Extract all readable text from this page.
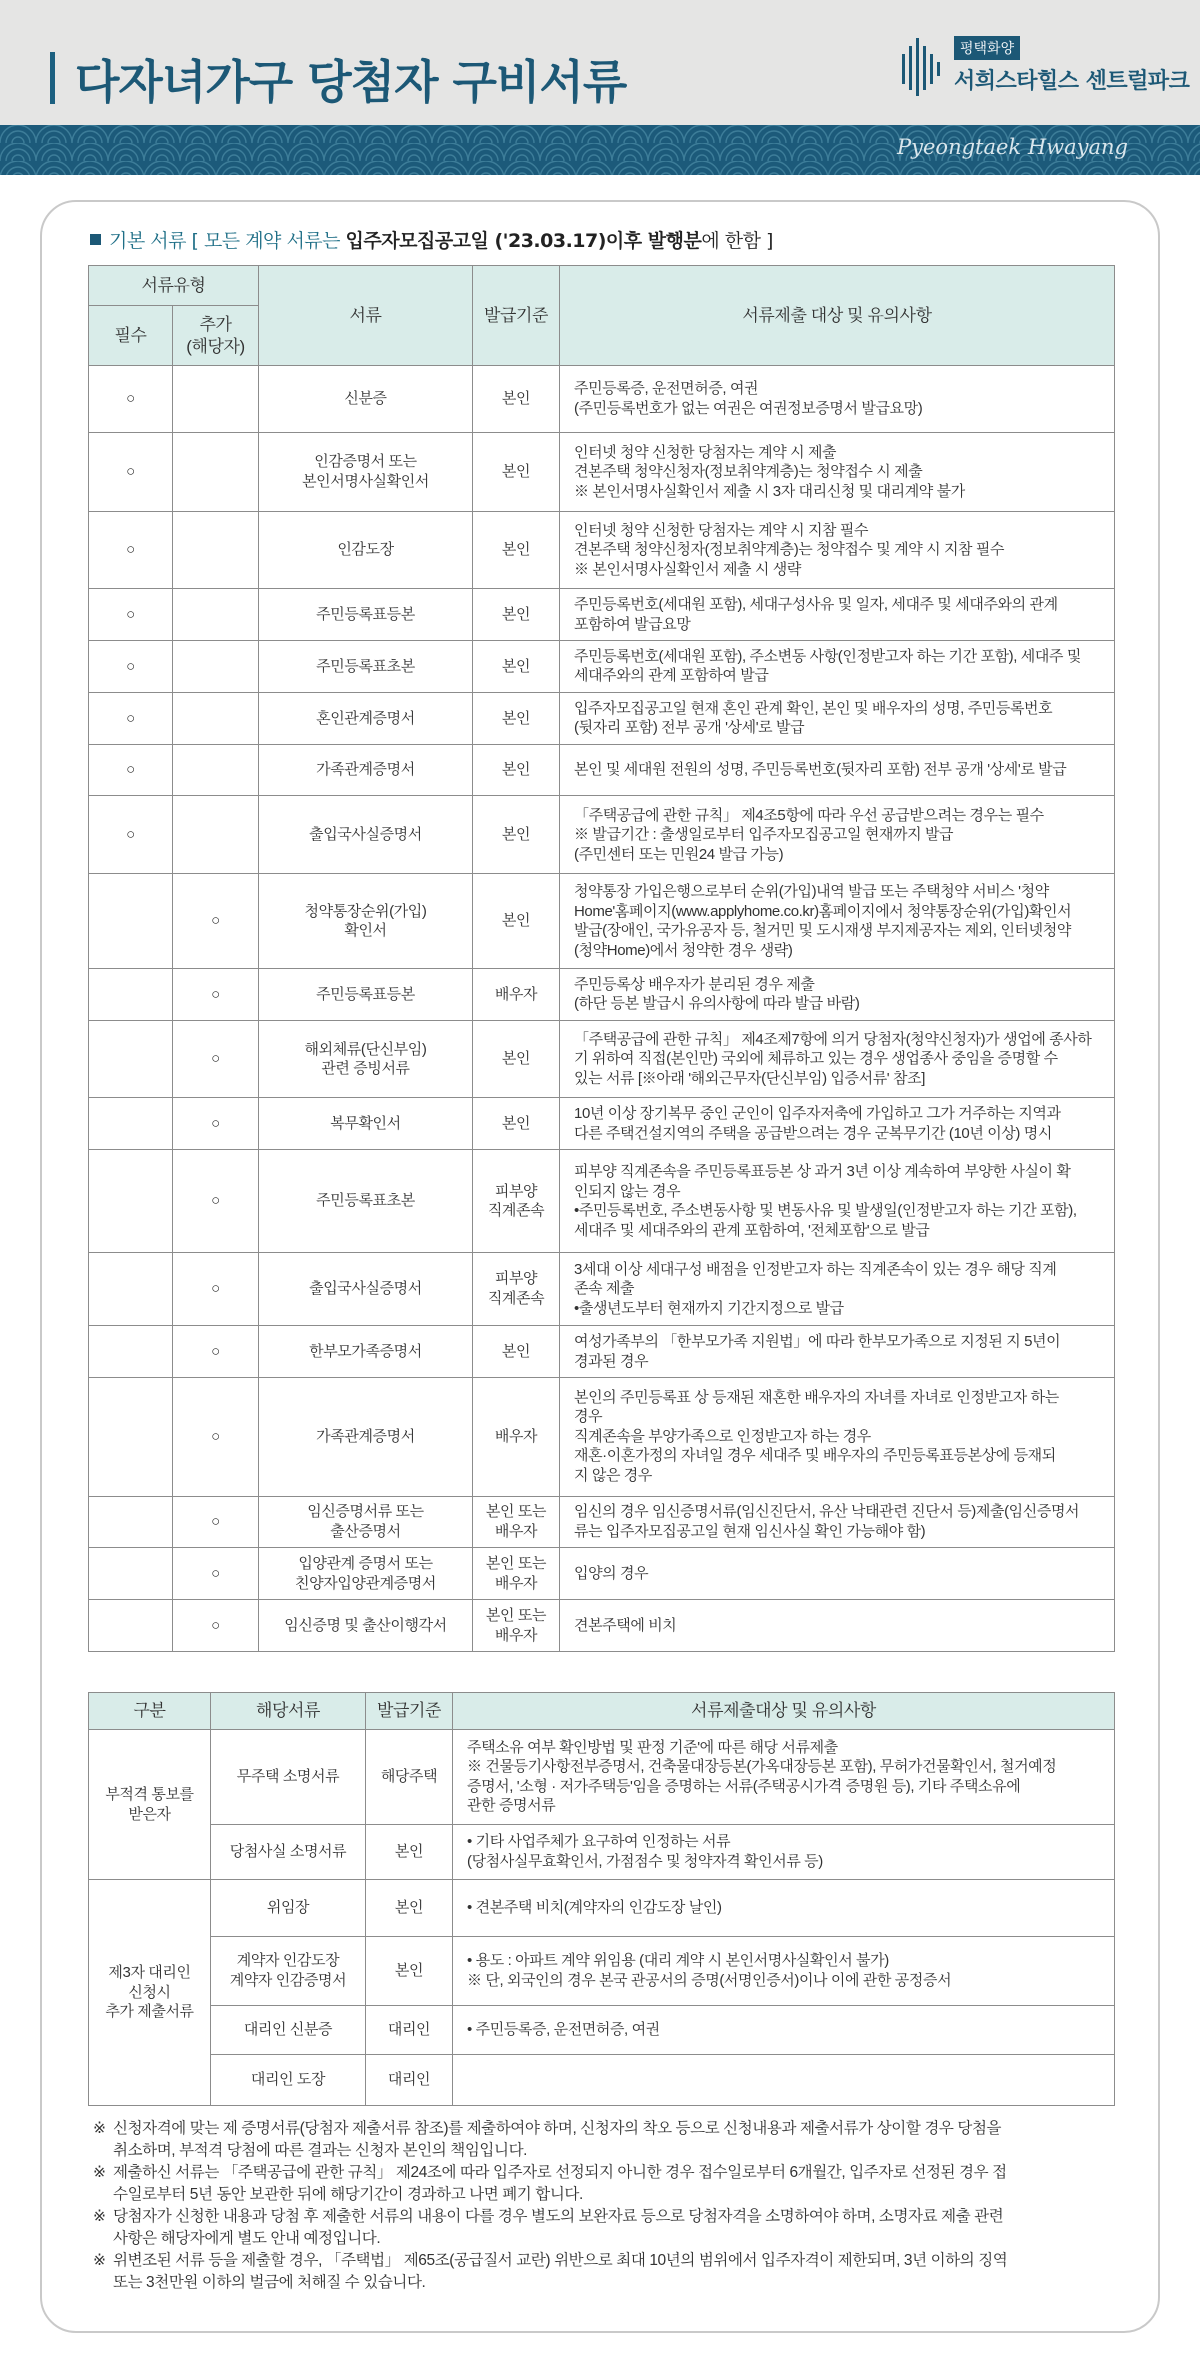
다자녀가구 당첨자 구비서류
평택화양
서희스타힐스 센트럴파크
Pyeongtaek Hwayang
기본 서류 [ 모든 계약 서류는 입주자모집공고일 ('23.03.17)이후 발행분에 한함 ]
서류유형		서류	발급기준	서류제출 대상 및 유의사항
필수	추가
(해당자)			

○		신분증	본인	주민등록증, 운전면허증, 여권
(주민등록번호가 없는 여권은 여권정보증명서 발급요망)

○		인감증명서 또는
본인서명사실확인서	본인	인터넷 청약 신청한 당첨자는 계약 시 제출
견본주택 청약신청자(정보취약계층)는 청약접수 시 제출
※ 본인서명사실확인서 제출 시 3자 대리신청 및 대리계약 불가

○		인감도장	본인	인터넷 청약 신청한 당첨자는 계약 시 지참 필수
견본주택 청약신청자(정보취약계층)는 청약접수 및 계약 시 지참 필수
※ 본인서명사실확인서 제출 시 생략

○		주민등록표등본	본인	주민등록번호(세대원 포함), 세대구성사유 및 일자, 세대주 및 세대주와의 관계
포함하여 발급요망

○		주민등록표초본	본인	주민등록번호(세대원 포함), 주소변동 사항(인정받고자 하는 기간 포함), 세대주 및
세대주와의 관계 포함하여 발급

○		혼인관계증명서	본인	입주자모집공고일 현재 혼인 관계 확인, 본인 및 배우자의 성명, 주민등록번호
(뒷자리 포함) 전부 공개 '상세'로 발급

○		가족관계증명서	본인	본인 및 세대원 전원의 성명, 주민등록번호(뒷자리 포함) 전부 공개 '상세'로 발급

○		출입국사실증명서	본인	「주택공급에 관한 규칙」 제4조5항에 따라 우선 공급받으려는 경우는 필수
※ 발급기간 : 출생일로부터 입주자모집공고일 현재까지 발급
(주민센터 또는 민원24 발급 가능)

	○	청약통장순위(가입)
확인서	본인	청약통장 가입은행으로부터 순위(가입)내역 발급 또는 주택청약 서비스 '청약
Home'홈페이지(www.applyhome.co.kr)홈페이지에서 청약통장순위(가입)확인서
발급(장애인, 국가유공자 등, 철거민 및 도시재생 부지제공자는 제외, 인터넷청약
(청약Home)에서 청약한 경우 생략)

	○	주민등록표등본	배우자	주민등록상 배우자가 분리된 경우 제출
(하단 등본 발급시 유의사항에 따라 발급 바람)

	○	해외체류(단신부임)
관련 증빙서류	본인	「주택공급에 관한 규칙」 제4조제7항에 의거 당첨자(청약신청자)가 생업에 종사하
기 위하여 직접(본인만) 국외에 체류하고 있는 경우 생업종사 중임을 증명할 수
있는 서류 [※아래 '해외근무자(단신부임) 입증서류' 참조]

	○	복무확인서	본인	10년 이상 장기복무 중인 군인이 입주자저축에 가입하고 그가 거주하는 지역과
다른 주택건설지역의 주택을 공급받으려는 경우 군복무기간 (10년 이상) 명시

	○	주민등록표초본	피부양
직계존속	피부양 직계존속을 주민등록표등본 상 과거 3년 이상 계속하여 부양한 사실이 확
인되지 않는 경우
•주민등록번호, 주소변동사항 및 변동사유 및 발생일(인정받고자 하는 기간 포함),
세대주 및 세대주와의 관계 포함하여, '전체포함'으로 발급

	○	출입국사실증명서	피부양
직계존속	3세대 이상 세대구성 배점을 인정받고자 하는 직계존속이 있는 경우 해당 직계
존속 제출
•출생년도부터 현재까지 기간지정으로 발급

	○	한부모가족증명서	본인	여성가족부의 「한부모가족 지원법」에 따라 한부모가족으로 지정된 지 5년이
경과된 경우

	○	가족관계증명서	배우자	본인의 주민등록표 상 등재된 재혼한 배우자의 자녀를 자녀로 인정받고자 하는
경우
직계존속을 부양가족으로 인정받고자 하는 경우
재혼·이혼가정의 자녀일 경우 세대주 및 배우자의 주민등록표등본상에 등재되
지 않은 경우

	○	임신증명서류 또는
출산증명서	본인 또는
배우자	임신의 경우 임신증명서류(임신진단서, 유산 낙태관련 진단서 등)제출(임신증명서
류는 입주자모집공고일 현재 임신사실 확인 가능해야 함)

	○	입양관계 증명서 또는
친양자입양관계증명서	본인 또는
배우자	입양의 경우

	○	임신증명 및 출산이행각서	본인 또는
배우자	견본주택에 비치
구분	해당서류	발급기준	서류제출대상 및 유의사항

부적격 통보를
받은자	무주택 소명서류	해당주택	주택소유 여부 확인방법 및 판정 기준'에 따른 해당 서류제출
※ 건물등기사항전부증명서, 건축물대장등본(가옥대장등본 포함), 무허가건물확인서, 철거예정
증명서, '소형 · 저가주택등'임을 증명하는 서류(주택공시가격 증명원 등), 기타 주택소유에
관한 증명서류

	당첨사실 소명서류	본인	• 기타 사업주체가 요구하여 인정하는 서류
(당첨사실무효확인서, 가점점수 및 청약자격 확인서류 등)

제3자 대리인
신청시
추가 제출서류	위임장	본인	• 견본주택 비치(계약자의 인감도장 날인)

	계약자 인감도장
계약자 인감증명서	본인	• 용도 : 아파트 계약 위임용 (대리 계약 시 본인서명사실확인서 불가)
※ 단, 외국인의 경우 본국 관공서의 증명(서명인증서)이나 이에 관한 공정증서

	대리인 신분증	대리인	• 주민등록증, 운전면허증, 여권

	대리인 도장	대리인	

※ 신청자격에 맞는 제 증명서류(당첨자 제출서류 참조)를 제출하여야 하며, 신청자의 착오 등으로 신청내용과 제출서류가 상이할 경우 당첨을
취소하며, 부적격 당첨에 따른 결과는 신청자 본인의 책임입니다.
※ 제출하신 서류는 「주택공급에 관한 규칙」 제24조에 따라 입주자로 선정되지 아니한 경우 접수일로부터 6개월간, 입주자로 선정된 경우 접
수일로부터 5년 동안 보관한 뒤에 해당기간이 경과하고 나면 폐기 합니다.
※ 당첨자가 신청한 내용과 당첨 후 제출한 서류의 내용이 다를 경우 별도의 보완자료 등으로 당첨자격을 소명하여야 하며, 소명자료 제출 관련
사항은 해당자에게 별도 안내 예정입니다.
※ 위변조된 서류 등을 제출할 경우, 「주택법」 제65조(공급질서 교란) 위반으로 최대 10년의 범위에서 입주자격이 제한되며, 3년 이하의 징역
또는 3천만원 이하의 벌금에 처해질 수 있습니다.
